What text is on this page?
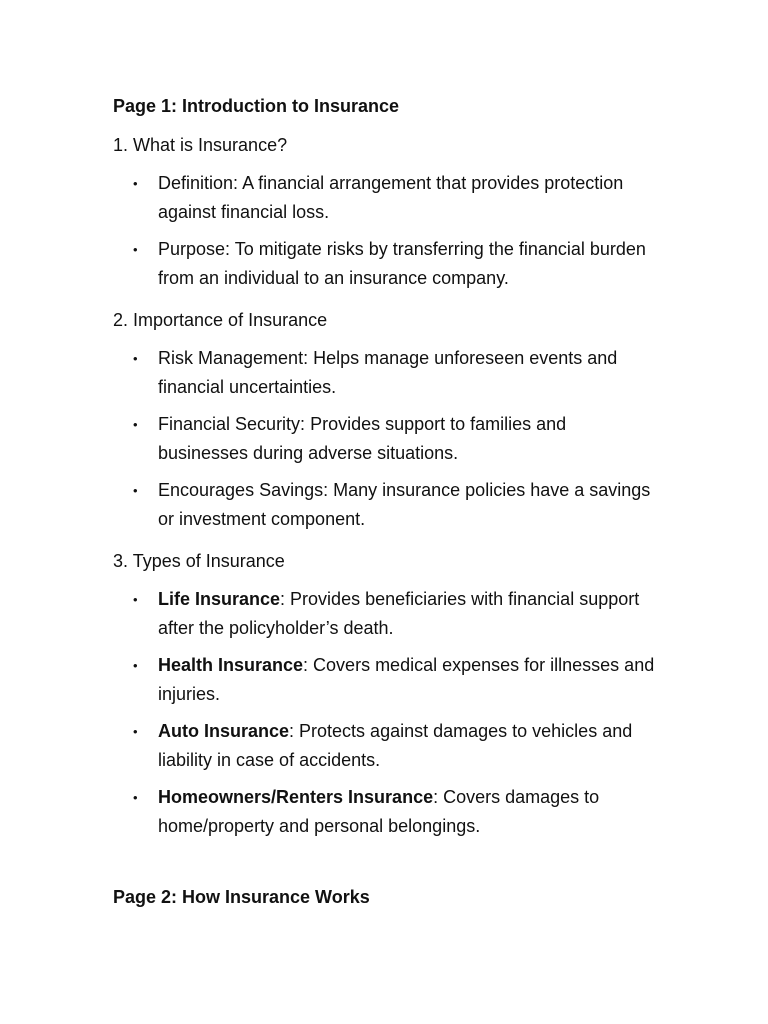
Page 1: Introduction to Insurance

1. What is Insurance?

• Definition: A financial arrangement that provides protection against financial loss.
• Purpose: To mitigate risks by transferring the financial burden from an individual to an insurance company.

2. Importance of Insurance

• Risk Management: Helps manage unforeseen events and financial uncertainties.
• Financial Security: Provides support to families and businesses during adverse situations.
• Encourages Savings: Many insurance policies have a savings or investment component.

3. Types of Insurance

• Life Insurance: Provides beneficiaries with financial support after the policyholder’s death.
• Health Insurance: Covers medical expenses for illnesses and injuries.
• Auto Insurance: Protects against damages to vehicles and liability in case of accidents.
• Homeowners/Renters Insurance: Covers damages to home/property and personal belongings.

Page 2: How Insurance Works
